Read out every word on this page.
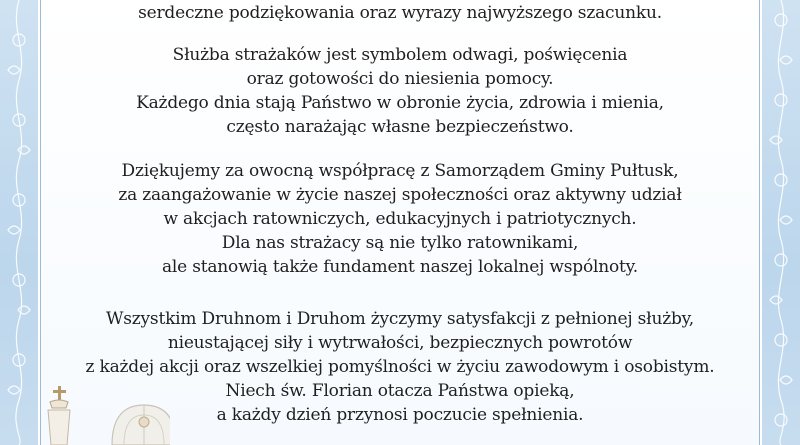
serdeczne podziękowania oraz wyrazy najwyższego szacunku.
Służba strażaków jest symbolem odwagi, poświęcenia
oraz gotowości do niesienia pomocy.
Każdego dnia stają Państwo w obronie życia, zdrowia i mienia,
często narażając własne bezpieczeństwo.
Dziękujemy za owocną współpracę z Samorządem Gminy Pułtusk,
za zaangażowanie w życie naszej społeczności oraz aktywny udział
w akcjach ratowniczych, edukacyjnych i patriotycznych.
Dla nas strażacy są nie tylko ratownikami,
ale stanowią także fundament naszej lokalnej wspólnoty.
Wszystkim Druhnom i Druhom życzymy satysfakcji z pełnionej służby,
nieustającej siły i wytrwałości, bezpiecznych powrotów
z każdej akcji oraz wszelkiej pomyślności w życiu zawodowym i osobistym.
Niech św. Florian otacza Państwa opieką,
a każdy dzień przynosi poczucie spełnienia.
